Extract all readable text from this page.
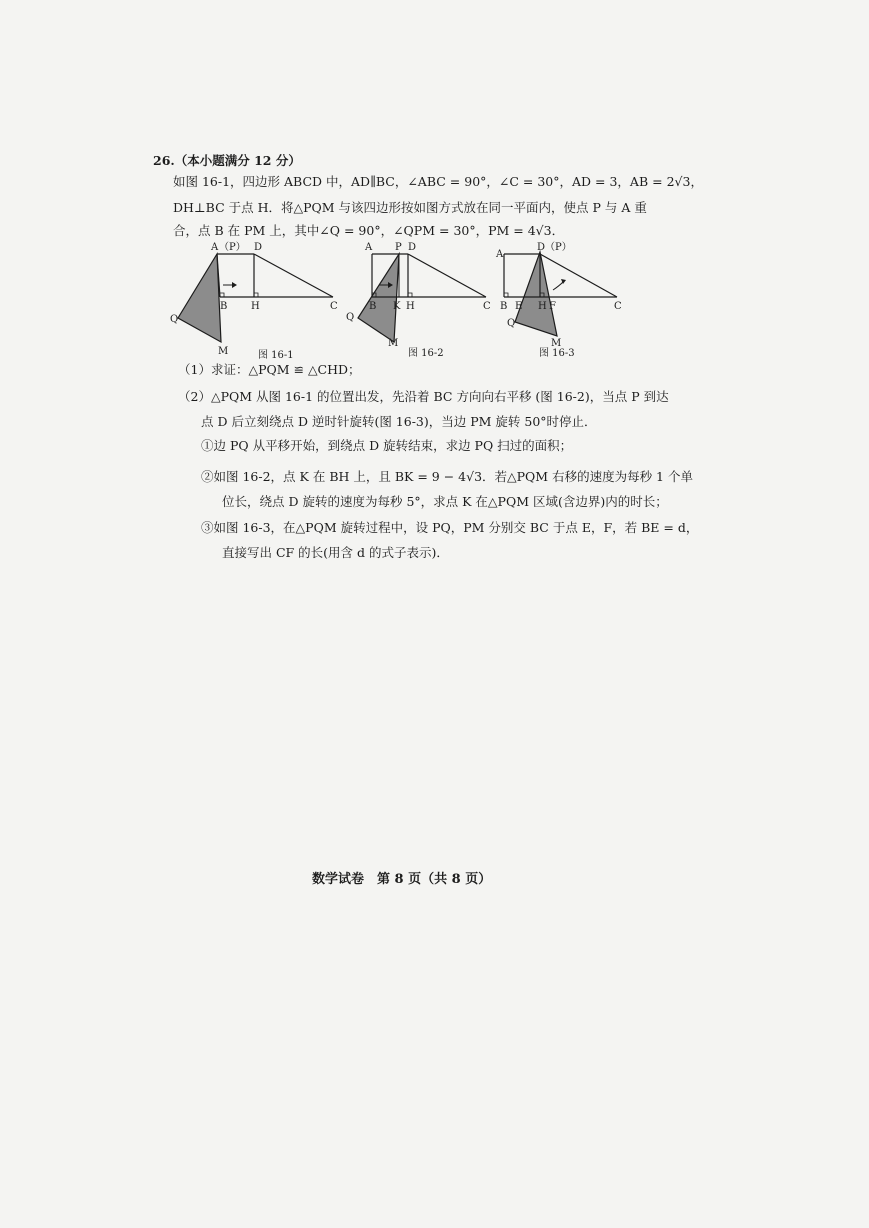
26.（本小题满分 12 分）
如图 16-1，四边形 ABCD 中，AD∥BC，∠ABC = 90°，∠C = 30°，AD = 3，AB = 2√3，
DH⊥BC 于点 H．将△PQM 与该四边形按如图方式放在同一平面内，使点 P 与 A 重
合，点 B 在 PM 上，其中∠Q = 90°，∠QPM = 30°，PM = 4√3．
A （P） D
B H	C
Q
M	图 16-1
A P D
B K H	C
Q
M
图 16-2
A
D （P）
B E H F	C
Q
M
图 16-3
（1）求证：△PQM ≌ △CHD；
（2）△PQM 从图 16-1 的位置出发，先沿着 BC 方向向右平移 (图 16-2)，当点 P 到达
点 D 后立刻绕点 D 逆时针旋转(图 16-3)，当边 PM 旋转 50°时停止．
①边 PQ 从平移开始，到绕点 D 旋转结束，求边 PQ 扫过的面积；
②如图 16-2，点 K 在 BH 上，且 BK = 9 − 4√3．若△PQM 右移的速度为每秒 1 个单
位长，绕点 D 旋转的速度为每秒 5°，求点 K 在△PQM 区域(含边界)内的时长；
③如图 16-3，在△PQM 旋转过程中，设 PQ，PM 分别交 BC 于点 E，F，若 BE = d，
直接写出 CF 的长(用含 d 的式子表示)．
数学试卷　第 8 页（共 8 页）
